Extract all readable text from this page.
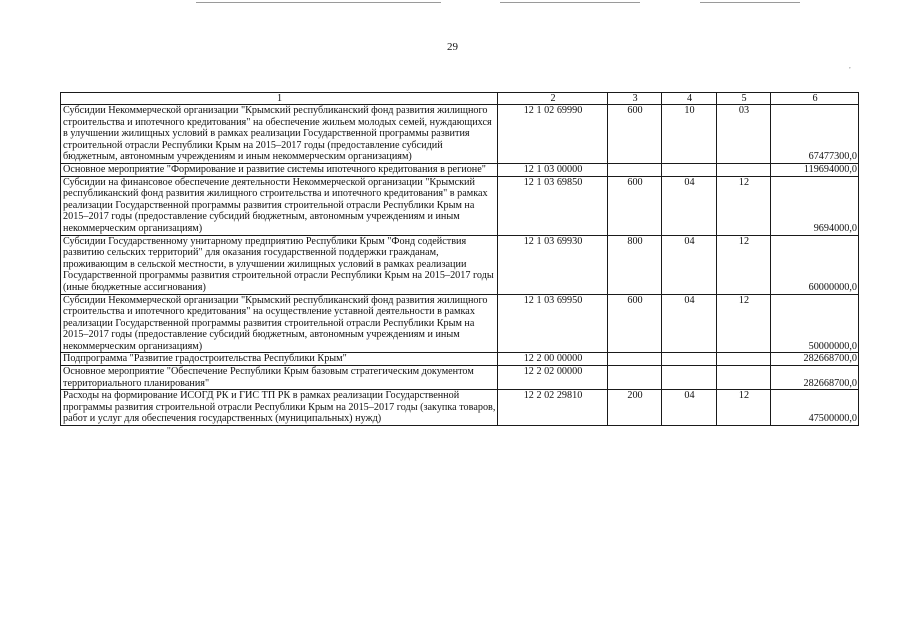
29
,
1	2	3	4	5	6
Субсидии Некоммерческой организации "Крымский республиканский фонд развития жилищного строительства и ипотечного кредитования" на обеспечение жильем молодых семей, нуждающихся в улучшении жилищных условий в рамках реализации Государственной программы развития строительной отрасли Республики Крым на 2015–2017 годы (предоставление субсидий бюджетным, автономным учреждениям и иным некоммерческим организациям)	12 1 02 69990	600	10	03	67477300,0
Основное мероприятие "Формирование и развитие системы ипотечного кредитования в регионе"	12 1 03 00000				119694000,0
Субсидии на финансовое обеспечение деятельности Некоммерческой организации "Крымский республиканский фонд развития жилищного строительства и ипотечного кредитования" в рамках реализации Государственной программы развития строительной отрасли Республики Крым на 2015–2017 годы (предоставление субсидий бюджетным, автономным учреждениям и иным некоммерческим организациям)	12 1 03 69850	600	04	12	9694000,0
Субсидии Государственному унитарному предприятию Республики Крым "Фонд содействия развитию сельских территорий" для оказания государственной поддержки гражданам, проживающим в сельской местности, в улучшении жилищных условий в рамках реализации Государственной программы развития строительной отрасли Республики Крым на 2015–2017 годы (иные бюджетные ассигнования)	12 1 03 69930	800	04	12	60000000,0
Субсидии Некоммерческой организации "Крымский республиканский фонд развития жилищного строительства и ипотечного кредитования" на осуществление уставной деятельности в рамках реализации Государственной программы развития строительной отрасли Республики Крым на 2015–2017 годы (предоставление субсидий бюджетным, автономным учреждениям и иным некоммерческим организациям)	12 1 03 69950	600	04	12	50000000,0
Подпрограмма "Развитие градостроительства Республики Крым"	12 2 00 00000				282668700,0
Основное мероприятие "Обеспечение Республики Крым базовым стратегическим документом территориального планирования"	12 2 02 00000				282668700,0
Расходы на формирование ИСОГД РК и ГИС ТП РК в рамках реализации Государственной программы развития строительной отрасли Республики Крым на 2015–2017 годы (закупка товаров, работ и услуг для обеспечения государственных (муниципальных) нужд)	12 2 02 29810	200	04	12	47500000,0
